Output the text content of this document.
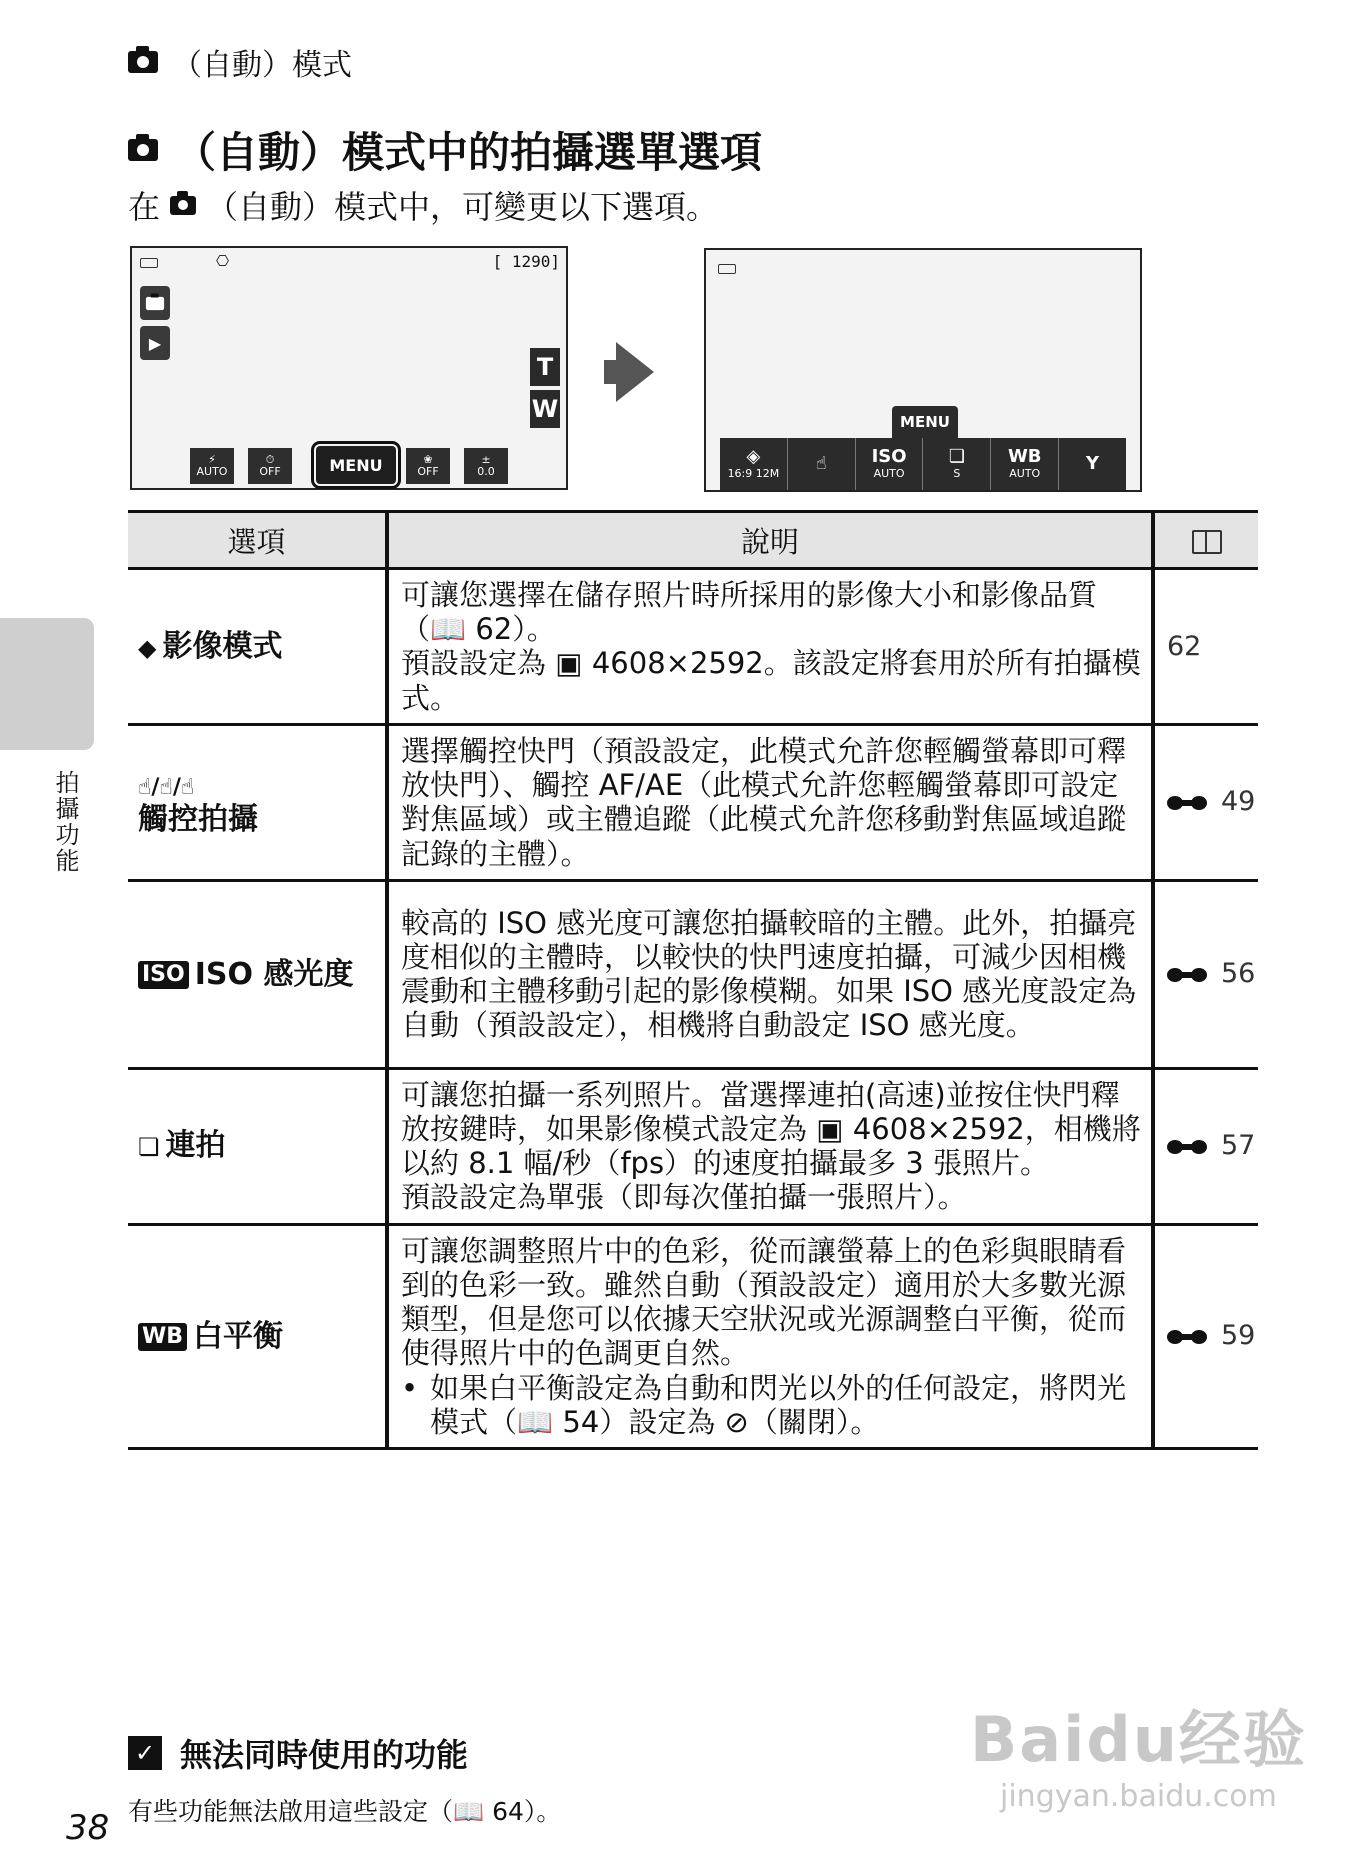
（自動）模式
（自動）模式中的拍攝選單選項
在 （自動）模式中，可變更以下選項。
⎔	[ 1290]
▶
T
W
⚡
AUTO
⏱
OFF	MENU	❀
OFF
±
0.0
MENU
◈
16:9 12M ☝ ISO
AUTO
❏
S
WB
AUTO	Y
選項	說明	
◆ 影像模式	可讓您選擇在儲存照片時所採用的影像大小和影像品質（📖 62）。
預設設定為 ▣ 4608×2592。該設定將套用於所有拍攝模式。	62
☝/☝/☝
觸控拍攝	選擇觸控快門（預設設定，此模式允許您輕觸螢幕即可釋放快門）、觸控 AF/AE（此模式允許您輕觸螢幕即可設定對焦區域）或主體追蹤（此模式允許您移動對焦區域追蹤記錄的主體）。	49
ISO ISO 感光度	較高的 ISO 感光度可讓您拍攝較暗的主體。此外，拍攝亮度相似的主體時，以較快的快門速度拍攝，可減少因相機震動和主體移動引起的影像模糊。如果 ISO 感光度設定為自動（預設設定），相機將自動設定 ISO 感光度。	56
❏ 連拍	可讓您拍攝一系列照片。當選擇連拍(高速)並按住快門釋放按鍵時，如果影像模式設定為 ▣ 4608×2592，相機將以約 8.1 幅/秒（fps）的速度拍攝最多 3 張照片。
預設設定為單張（即每次僅拍攝一張照片）。	57
WB 白平衡	可讓您調整照片中的色彩，從而讓螢幕上的色彩與眼睛看到的色彩一致。雖然自動（預設設定）適用於大多數光源類型，但是您可以依據天空狀況或光源調整白平衡，從而使得照片中的色調更自然。
• 如果白平衡設定為自動和閃光以外的任何設定，將閃光模式（📖 54）設定為 ⊘（關閉）。	59
拍攝功能
✓ 無法同時使用的功能
有些功能無法啟用這些設定（📖 64）。
38
Baidu经验
jingyan.baidu.com
